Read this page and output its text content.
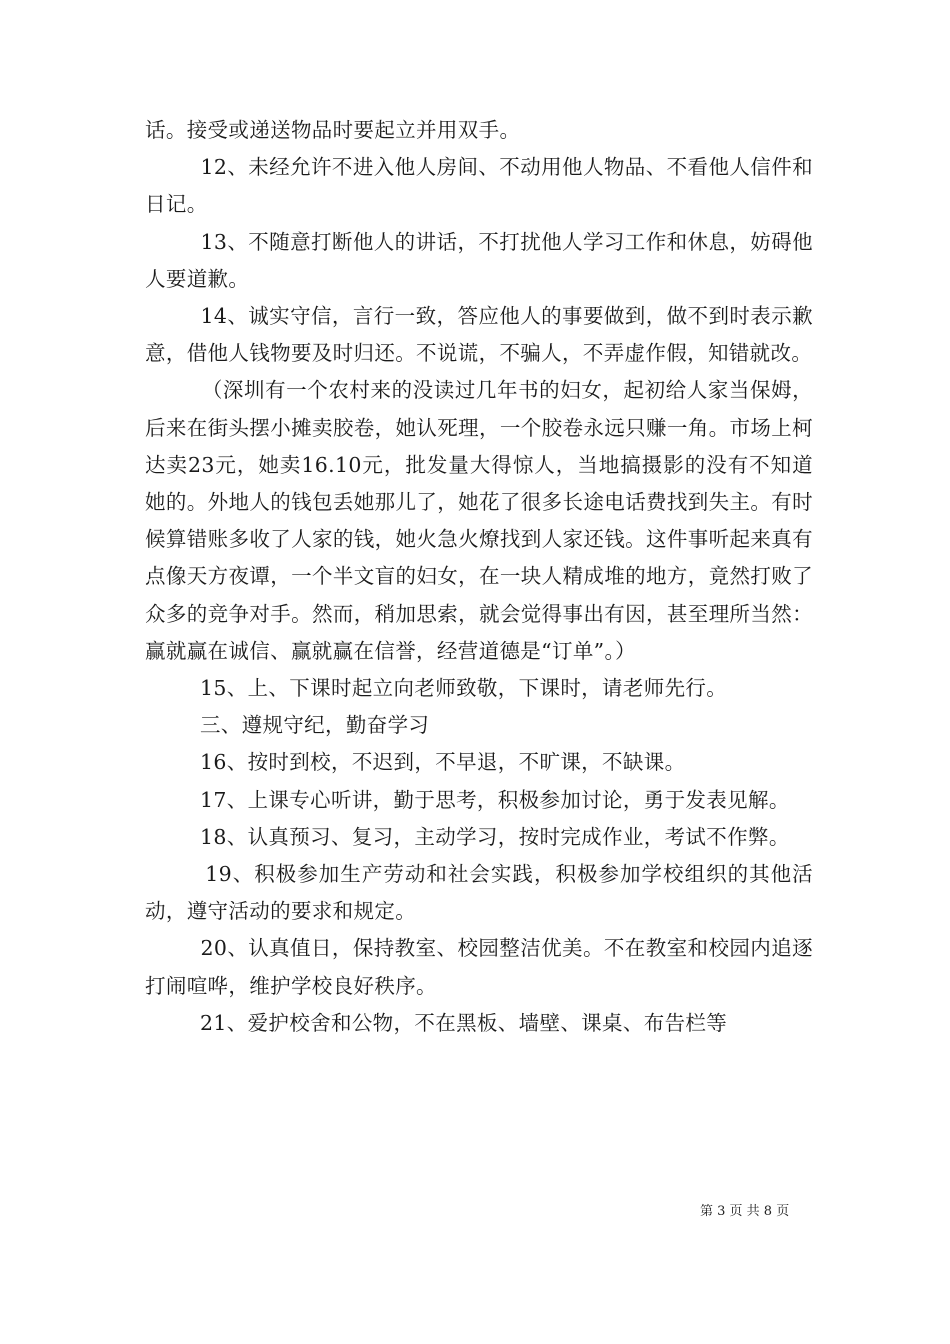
话。接受或递送物品时要起立并用双手。

12、未经允许不进入他人房间、不动用他人物品、不看他人信件和日记。

13、不随意打断他人的讲话，不打扰他人学习工作和休息，妨碍他人要道歉。

14、诚实守信，言行一致，答应他人的事要做到，做不到时表示歉意，借他人钱物要及时归还。不说谎，不骗人，不弄虚作假，知错就改。

（深圳有一个农村来的没读过几年书的妇女，起初给人家当保姆，后来在街头摆小摊卖胶卷，她认死理，一个胶卷永远只赚一角。市场上柯达卖23元，她卖16.10元，批发量大得惊人，当地搞摄影的没有不知道她的。外地人的钱包丢她那儿了，她花了很多长途电话费找到失主。有时候算错账多收了人家的钱，她火急火燎找到人家还钱。这件事听起来真有点像天方夜谭，一个半文盲的妇女，在一块人精成堆的地方，竟然打败了众多的竞争对手。然而，稍加思索，就会觉得事出有因，甚至理所当然：赢就赢在诚信、赢就赢在信誉，经营道德是“订单”。）

15、上、下课时起立向老师致敬，下课时，请老师先行。

三、遵规守纪，勤奋学习

16、按时到校，不迟到，不早退，不旷课，不缺课。

17、上课专心听讲，勤于思考，积极参加讨论，勇于发表见解。

18、认真预习、复习，主动学习，按时完成作业，考试不作弊。

19、积极参加生产劳动和社会实践，积极参加学校组织的其他活动，遵守活动的要求和规定。

20、认真值日，保持教室、校园整洁优美。不在教室和校园内追逐打闹喧哗，维护学校良好秩序。

21、爱护校舍和公物，不在黑板、墙壁、课桌、布告栏等

第 3 页 共 8 页
